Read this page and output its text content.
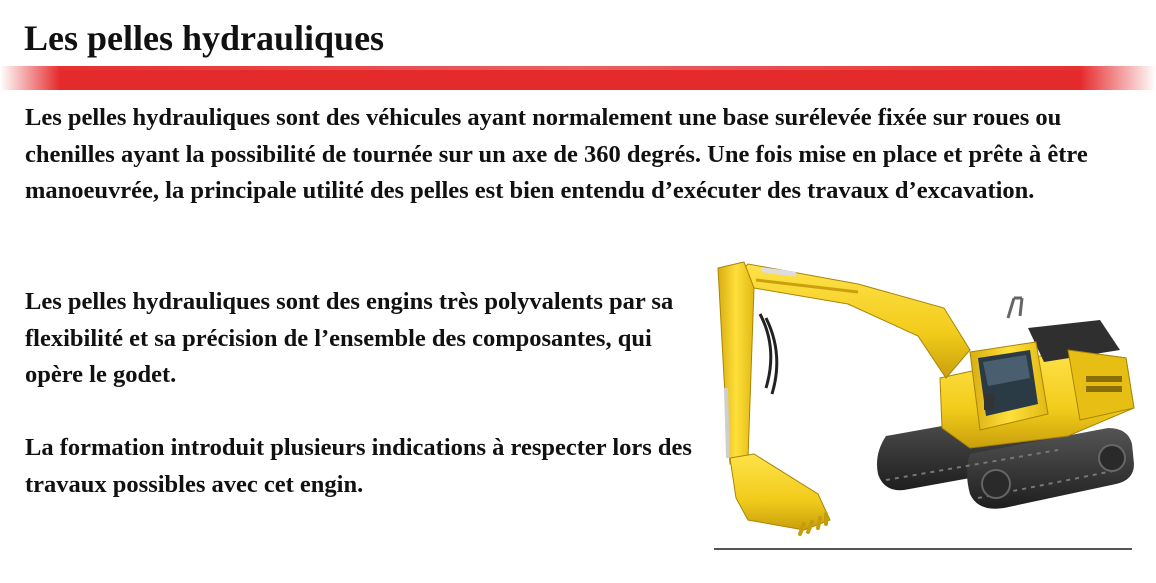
Les pelles hydrauliques

Les pelles hydrauliques sont des véhicules ayant normalement une base surélevée fixée sur roues ou chenilles ayant la possibilité de tournée sur un axe de 360 degrés. Une fois mise en place et prête à être manoeuvrée, la principale utilité des pelles est bien entendu d’exécuter des travaux d’excavation.

Les pelles hydrauliques sont des engins très polyvalents par sa flexibilité et sa précision de l’ensemble des composantes, qui opère le godet.

La formation introduit plusieurs indications à respecter lors des travaux possibles avec cet engin.
